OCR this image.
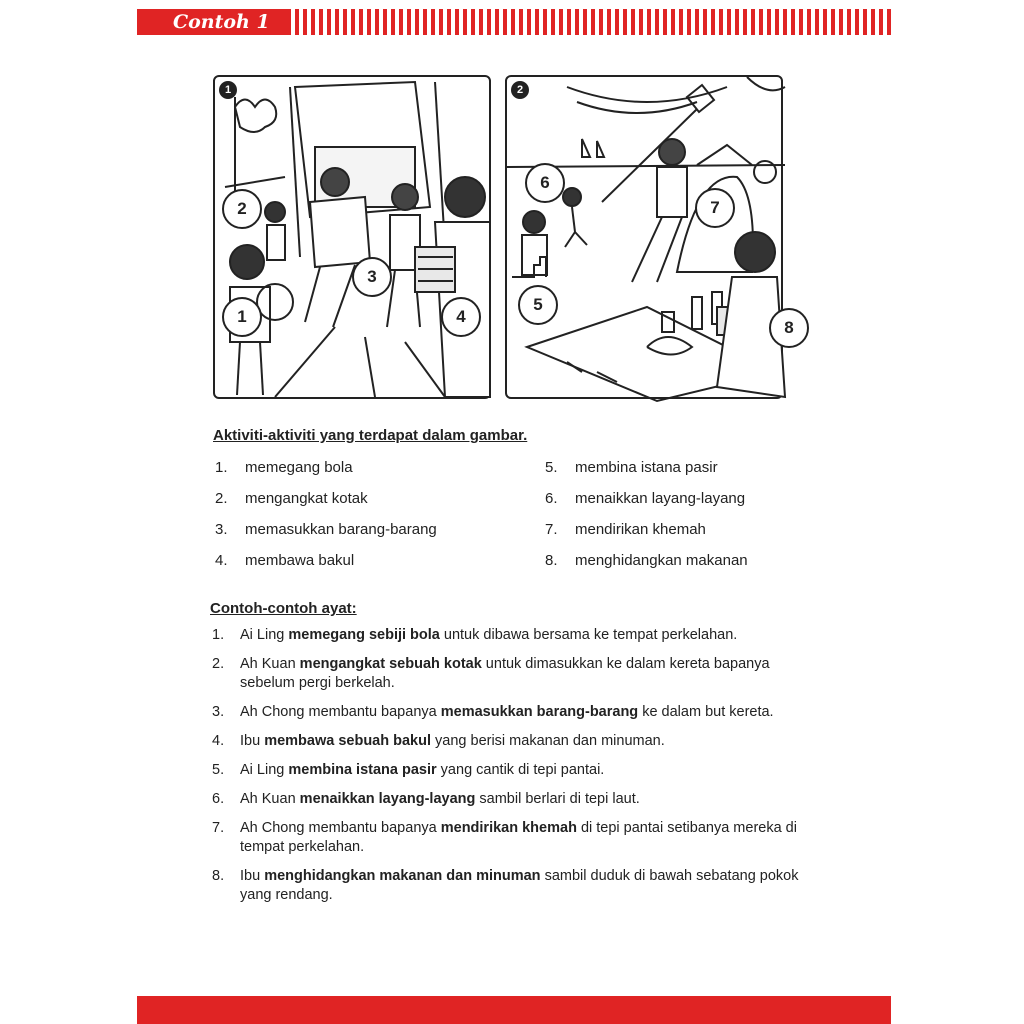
Contoh 1
1
2
3
1	4
2
6
7
5
8
Aktiviti-aktiviti yang terdapat dalam gambar.
1. memegang bola
2. mengangkat kotak
3. memasukkan barang-barang
4. membawa bakul
5. membina istana pasir
6. menaikkan layang-layang
7. mendirikan khemah
8. menghidangkan makanan
Contoh-contoh ayat:
1.	Ai Ling memegang sebiji bola untuk dibawa bersama ke tempat perkelahan.
2.	Ah Kuan mengangkat sebuah kotak untuk dimasukkan ke dalam kereta bapanya sebelum pergi berkelah.
3.	Ah Chong membantu bapanya memasukkan barang-barang ke dalam but kereta.
4.	Ibu membawa sebuah bakul yang berisi makanan dan minuman.
5.	Ai Ling membina istana pasir yang cantik di tepi pantai.
6.	Ah Kuan menaikkan layang-layang sambil berlari di tepi laut.
7.	Ah Chong membantu bapanya mendirikan khemah di tepi pantai setibanya mereka di tempat perkelahan.
8.	Ibu menghidangkan makanan dan minuman sambil duduk di bawah sebatang pokok yang rendang.
